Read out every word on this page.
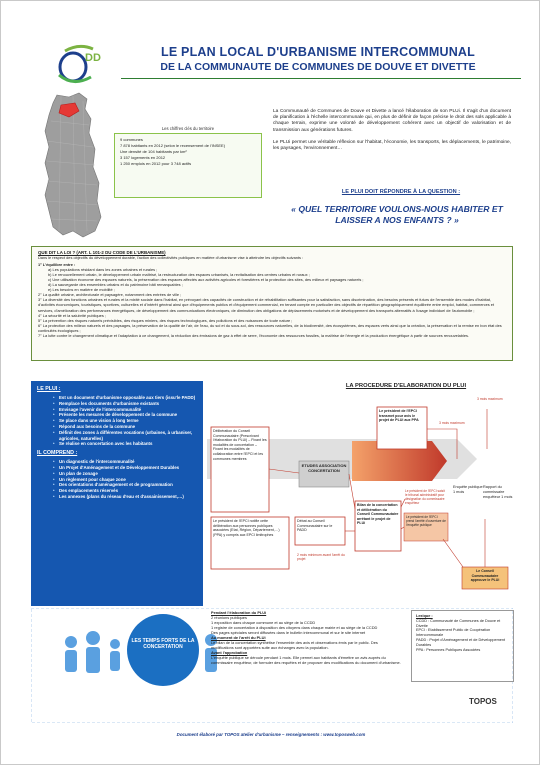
DD	LE PLAN LOCAL D'URBANISME INTERCOMMUNAL
DE LA COMMUNAUTE DE COMMUNES DE DOUVE ET DIVETTE
Les chiffres clés du territoire
9 communes
7 878 habitants en 2012 (selon le recensement de l'INSEE)
Une densité de 104 habitants par km²
3 157 logements en 2012
1 250 emplois en 2012 pour 3 748 actifs

La Communauté de Communes de Douve et Divette a lancé l'élaboration de son PLUi. Il s'agit d'un document de planification à l'échelle intercommunale qui, en plus de définir de façon précise le droit des sols applicable à chaque terrain, exprime une volonté de développement cohérent avec un objectif de valorisation et de transmission aux générations futures.

Le PLUi permet une véritable réflexion sur l'habitat, l'économie, les transports, les déplacements, le patrimoine, les paysages, l'environnement…

LE PLUI DOIT RÉPONDRE À LA QUESTION :
« QUEL TERRITOIRE VOULONS-NOUS HABITER ET LAISSER A NOS ENFANTS ? »
QUE DIT LA LOI ? (ART. L 101-2 DU CODE DE L'URBANISME)
Dans le respect des objectifs du développement durable, l'action des collectivités publiques en matière d'urbanisme vise à atteindre les objectifs suivants :
1° L'équilibre entre :
a) Les populations résidant dans les zones urbaines et rurales ;
b) Le renouvellement urbain, le développement urbain maîtrisé, la restructuration des espaces urbanisés, la revitalisation des centres urbains et ruraux ;
c) Une utilisation économe des espaces naturels, la préservation des espaces affectés aux activités agricoles et forestières et la protection des sites, des milieux et paysages naturels ;
d) La sauvegarde des ensembles urbains et du patrimoine bâti remarquables ;
e) Les besoins en matière de mobilité ;
2° La qualité urbaine, architecturale et paysagère, notamment des entrées de ville ;
3° La diversité des fonctions urbaines et rurales et la mixité sociale dans l'habitat, en prévoyant des capacités de construction et de réhabilitation suffisantes pour la satisfaction, sans discrimination, des besoins présents et futurs de l'ensemble des modes d'habitat, d'activités économiques, touristiques, sportives, culturelles et d'intérêt général ainsi que d'équipements publics et d'équipement commercial, en tenant compte en particulier des objectifs de répartition géographiquement équilibrée entre emploi, habitat, commerces et services, d'amélioration des performances énergétiques, de développement des communications électroniques, de diminution des obligations de déplacements motorisés et de développement des transports alternatifs à l'usage individuel de l'automobile ;
4° La sécurité et la salubrité publiques ;
5° La prévention des risques naturels prévisibles, des risques miniers, des risques technologiques, des pollutions et des nuisances de toute nature ;
6° La protection des milieux naturels et des paysages, la préservation de la qualité de l'air, de l'eau, du sol et du sous-sol, des ressources naturelles, de la biodiversité, des écosystèmes, des espaces verts ainsi que la création, la préservation et la remise en bon état des continuités écologiques ;
7° La lutte contre le changement climatique et l'adaptation à ce changement, la réduction des émissions de gaz à effet de serre, l'économie des ressources fossiles, la maîtrise de l'énergie et la production énergétique à partir de sources renouvelables.
LE PLUI :
• Est un document d'urbanisme opposable aux tiers (issu'le PADD)
• Remplace les documents d'urbanisme existants
• Envisage l'avenir de l'intercommunalité
• Présente les mesures de développement de la commune
• Se place dans une vision à long terme
• Répond aux besoins de la commune
• Définit des zones à différentes vocations (urbaines, à urbaniser, agricoles, naturelles)
• Se réalise en concertation avec les habitants
IL COMPREND :
• Un diagnostic de l'intercommunalité
• Un Projet d'Aménagement et de Développement Durables
• Un plan de zonage
• Un règlement pour chaque zone
• Des orientations d'aménagement et de programmation
• Des emplacements réservés
• Les annexes (plans du réseau d'eau et d'assainissement,…)
LA PROCEDURE D'ELABORATION DU PLUI
Délibération du Conseil Communautaire (Prescrivant l'élaboration du PLUi) – Fixant les modalités de concertation – Fixant les modalités de collaboration entre l'EPCI et les communes membres
Le président de l'EPCI notifie cette délibération aux personnes publiques associées (Etat, Région, Département,…) (PPA) y compris aux EPCI limitrophes
ETUDES ASSOCIATION CONCERTATION
Débat au Conseil Communautaire sur le PADD
Bilan de la concertation et délibération du Conseil Communautaire arrêtant le projet de PLUi
Le président de l'EPCI transmet pour avis le projet de PLUi aux PPA
Le président de l'EPCI saisit le tribunal administratif pour désignation du commissaire enquêteur
Le président de l'EPCI prend l'arrêté d'ouverture de l'enquête publique
Enquête publique 1 mois
Rapport du commissaire enquêteur 1 mois
Le Conseil Communautaire approuve le PLUi
3 mois maximum
3 mois maximum
2 mois minimum avant l'arrêt du projet
LES TEMPS FORTS DE LA CONCERTATION
Pendant l'élaboration du PLUi
2 réunions publiques
1 exposition dans chaque commune et au siège de la CCDD
1 registre de concertation à disposition des citoyens dans chaque mairie et au siège de la CCDD
Des pages spéciales seront diffusées dans le bulletin intercommunal et sur le site internet
Au moment de l'arrêt du PLUi
Le bilan de la concertation synthétise l'ensemble des avis et observations émis par le public. Des modifications sont apportées suite aux échanges avec la population.
Avant l'approbation
L'enquête publique se déroule pendant 1 mois. Elle permet aux habitants d'émettre un avis auprès du commissaire enquêteur, de formuler des requêtes et de proposer des modifications du document d'urbanisme.
Lexique :
CCDD : Communauté de Communes de Douve et Divette
EPCI : Etablissement Public de Coopération Intercommunale
PADD : Projet d'Aménagement et de Développement Durables
PPA : Personnes Publiques Associées
TOPOS
Document élaboré par TOPOS atelier d'urbanisme – renseignements : www.toposweb.com
